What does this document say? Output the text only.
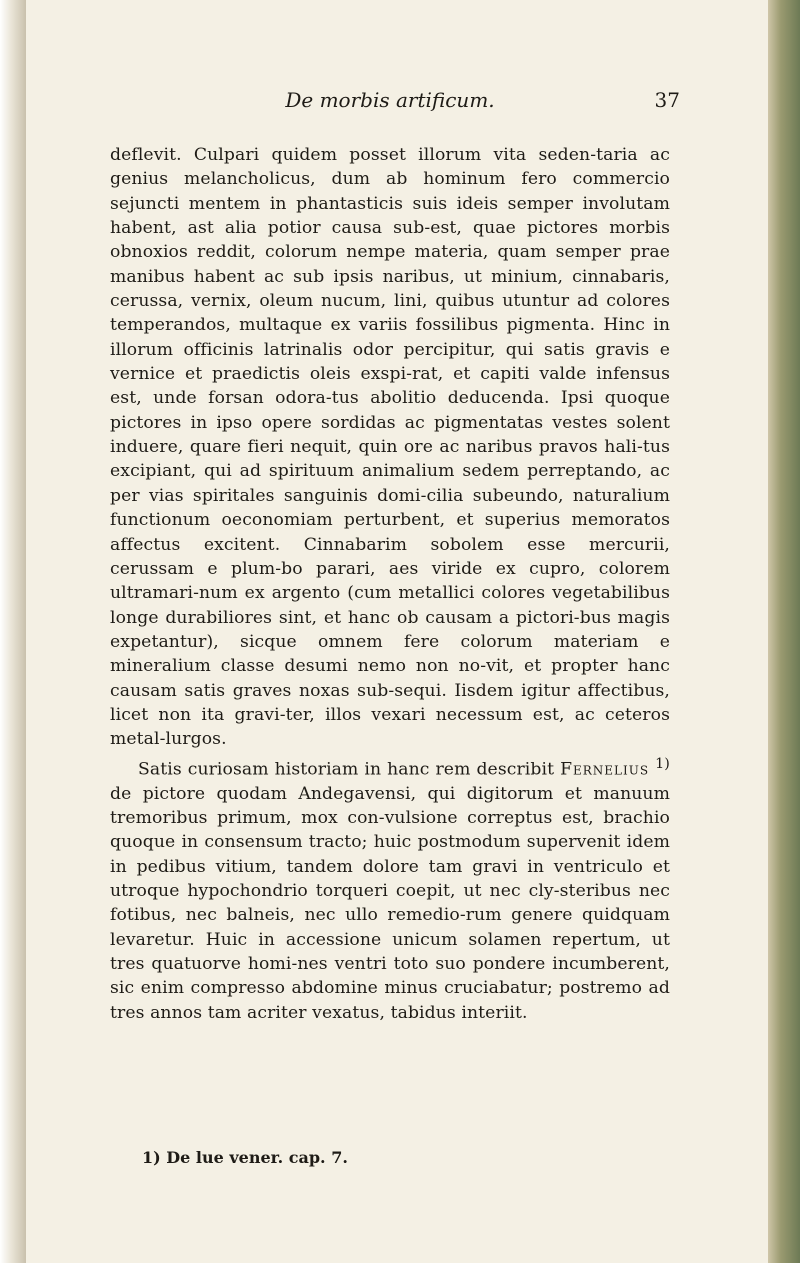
De morbis artificum.	37

deflevit. Culpari quidem posset illorum vita seden-taria ac genius melancholicus, dum ab hominum fero commercio sejuncti mentem in phantasticis suis ideis semper involutam habent, ast alia potior causa sub-est, quae pictores morbis obnoxios reddit, colorum nempe materia, quam semper prae manibus habent ac sub ipsis naribus, ut minium, cinnabaris, cerussa, vernix, oleum nucum, lini, quibus utuntur ad colores temperandos, multaque ex variis fossilibus pigmenta. Hinc in illorum officinis latrinalis odor percipitur, qui satis gravis e vernice et praedictis oleis exspi-rat, et capiti valde infensus est, unde forsan odora-tus abolitio deducenda. Ipsi quoque pictores in ipso opere sordidas ac pigmentatas vestes solent induere, quare fieri nequit, quin ore ac naribus pravos hali-tus excipiant, qui ad spirituum animalium sedem perreptando, ac per vias spiritales sanguinis domi-cilia subeundo, naturalium functionum oeconomiam perturbent, et superius memoratos affectus excitent. Cinnabarim sobolem esse mercurii, cerussam e plum-bo parari, aes viride ex cupro, colorem ultramari-num ex argento (cum metallici colores vegetabilibus longe durabiliores sint, et hanc ob causam a pictori-bus magis expetantur), sicque omnem fere colorum materiam e mineralium classe desumi nemo non no-vit, et propter hanc causam satis graves noxas sub-sequi. Iisdem igitur affectibus, licet non ita gravi-ter, illos vexari necessum est, ac ceteros metal-lurgos.

Satis curiosam historiam in hanc rem describit Fernelius $^{1)}$ de pictore quodam Andegavensi, qui digitorum et manuum tremoribus primum, mox con-vulsione correptus est, brachio quoque in consensum tracto; huic postmodum supervenit idem in pedibus vitium, tandem dolore tam gravi in ventriculo et utroque hypochondrio torqueri coepit, ut nec cly-steribus nec fotibus, nec balneis, nec ullo remedio-rum genere quidquam levaretur. Huic in accessione unicum solamen repertum, ut tres quatuorve homi-nes ventri toto suo pondere incumberent, sic enim compresso abdomine minus cruciabatur; postremo ad tres annos tam acriter vexatus, tabidus interiit.

1) De lue vener. cap. 7.
